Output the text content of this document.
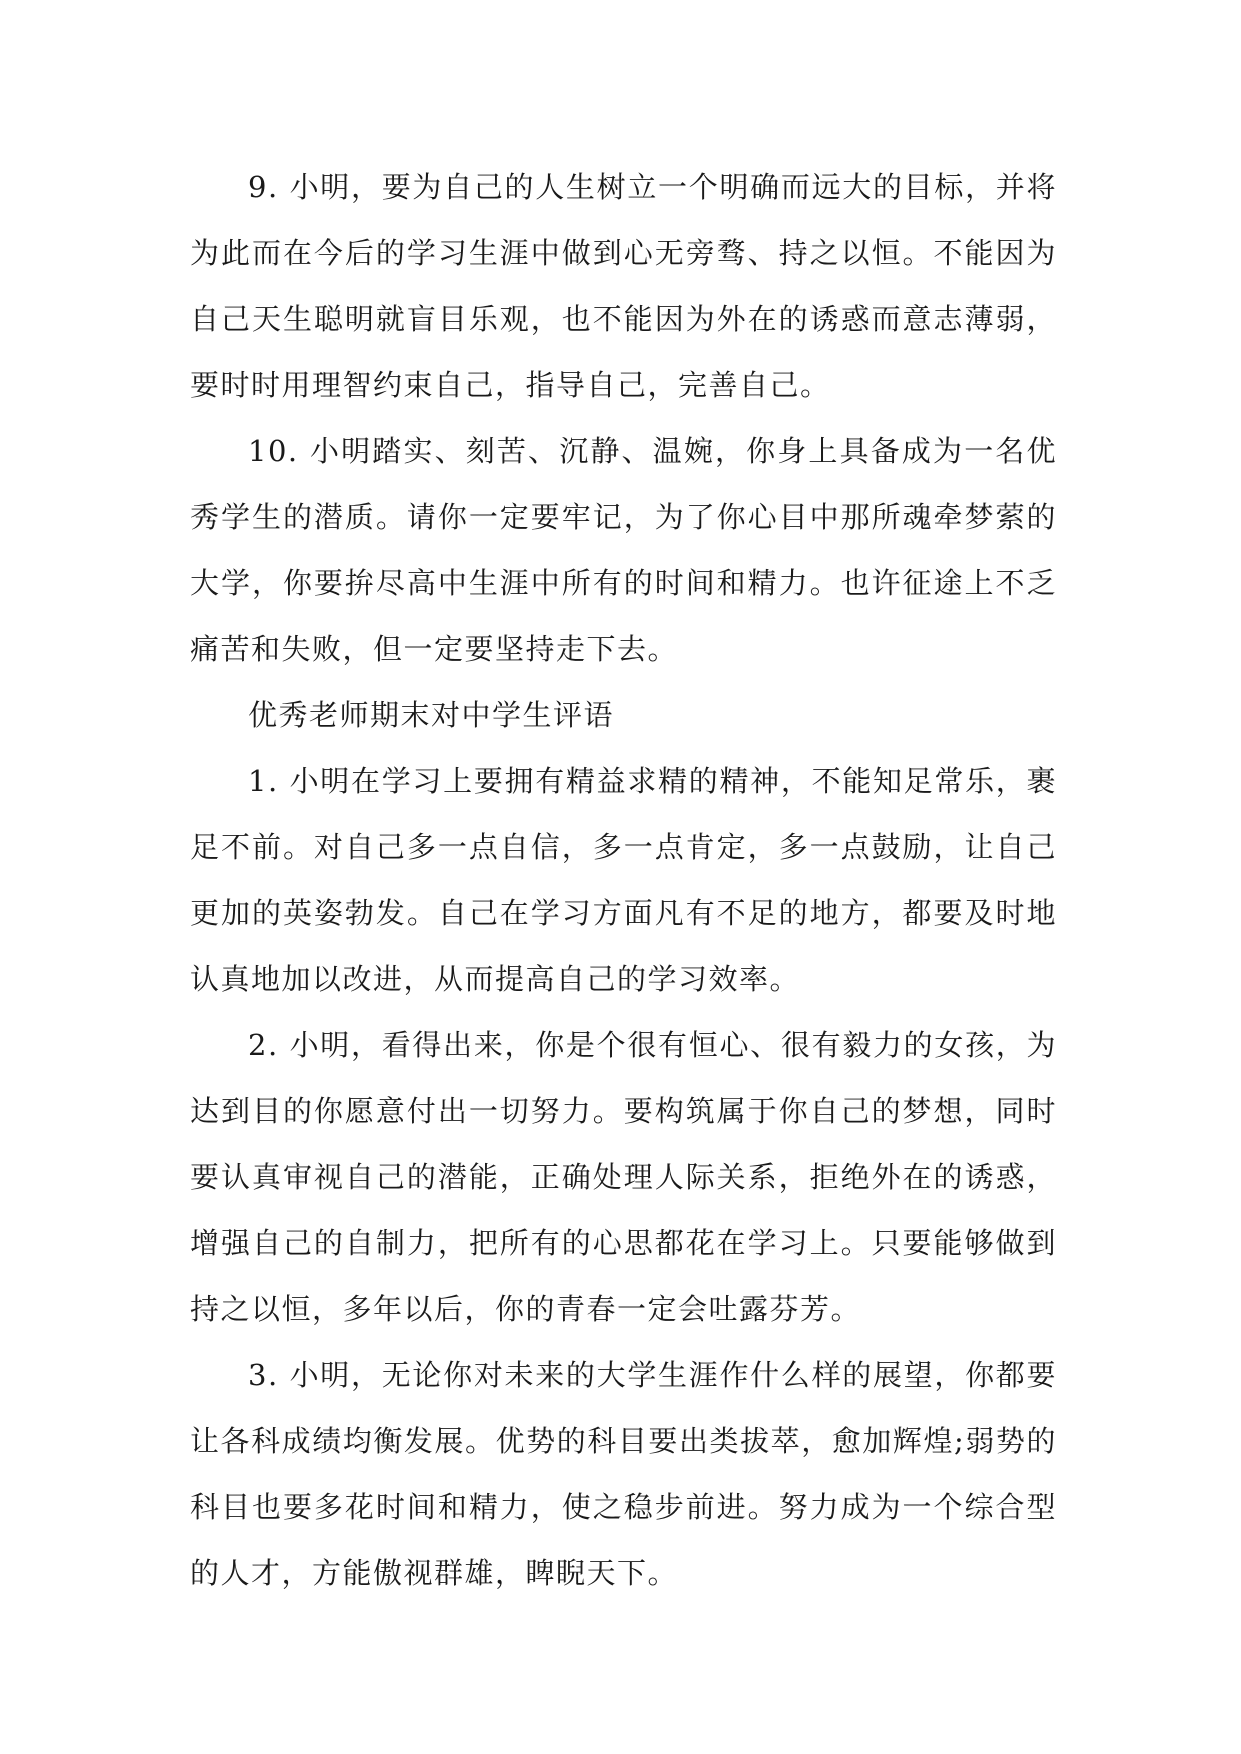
9. 小明，要为自己的人生树立一个明确而远大的目标，并将为此而在今后的学习生涯中做到心无旁骛、持之以恒。不能因为自己天生聪明就盲目乐观，也不能因为外在的诱惑而意志薄弱，要时时用理智约束自己，指导自己，完善自己。

10. 小明踏实、刻苦、沉静、温婉，你身上具备成为一名优秀学生的潜质。请你一定要牢记，为了你心目中那所魂牵梦萦的大学，你要拚尽高中生涯中所有的时间和精力。也许征途上不乏痛苦和失败，但一定要坚持走下去。

优秀老师期末对中学生评语

1. 小明在学习上要拥有精益求精的精神，不能知足常乐，裹足不前。对自己多一点自信，多一点肯定，多一点鼓励，让自己更加的英姿勃发。自己在学习方面凡有不足的地方，都要及时地认真地加以改进，从而提高自己的学习效率。

2. 小明，看得出来，你是个很有恒心、很有毅力的女孩，为达到目的你愿意付出一切努力。要构筑属于你自己的梦想，同时要认真审视自己的潜能，正确处理人际关系，拒绝外在的诱惑，增强自己的自制力，把所有的心思都花在学习上。只要能够做到持之以恒，多年以后，你的青春一定会吐露芬芳。

3. 小明，无论你对未来的大学生涯作什么样的展望，你都要让各科成绩均衡发展。优势的科目要出类拔萃，愈加辉煌;弱势的科目也要多花时间和精力，使之稳步前进。努力成为一个综合型的人才，方能傲视群雄，睥睨天下。
